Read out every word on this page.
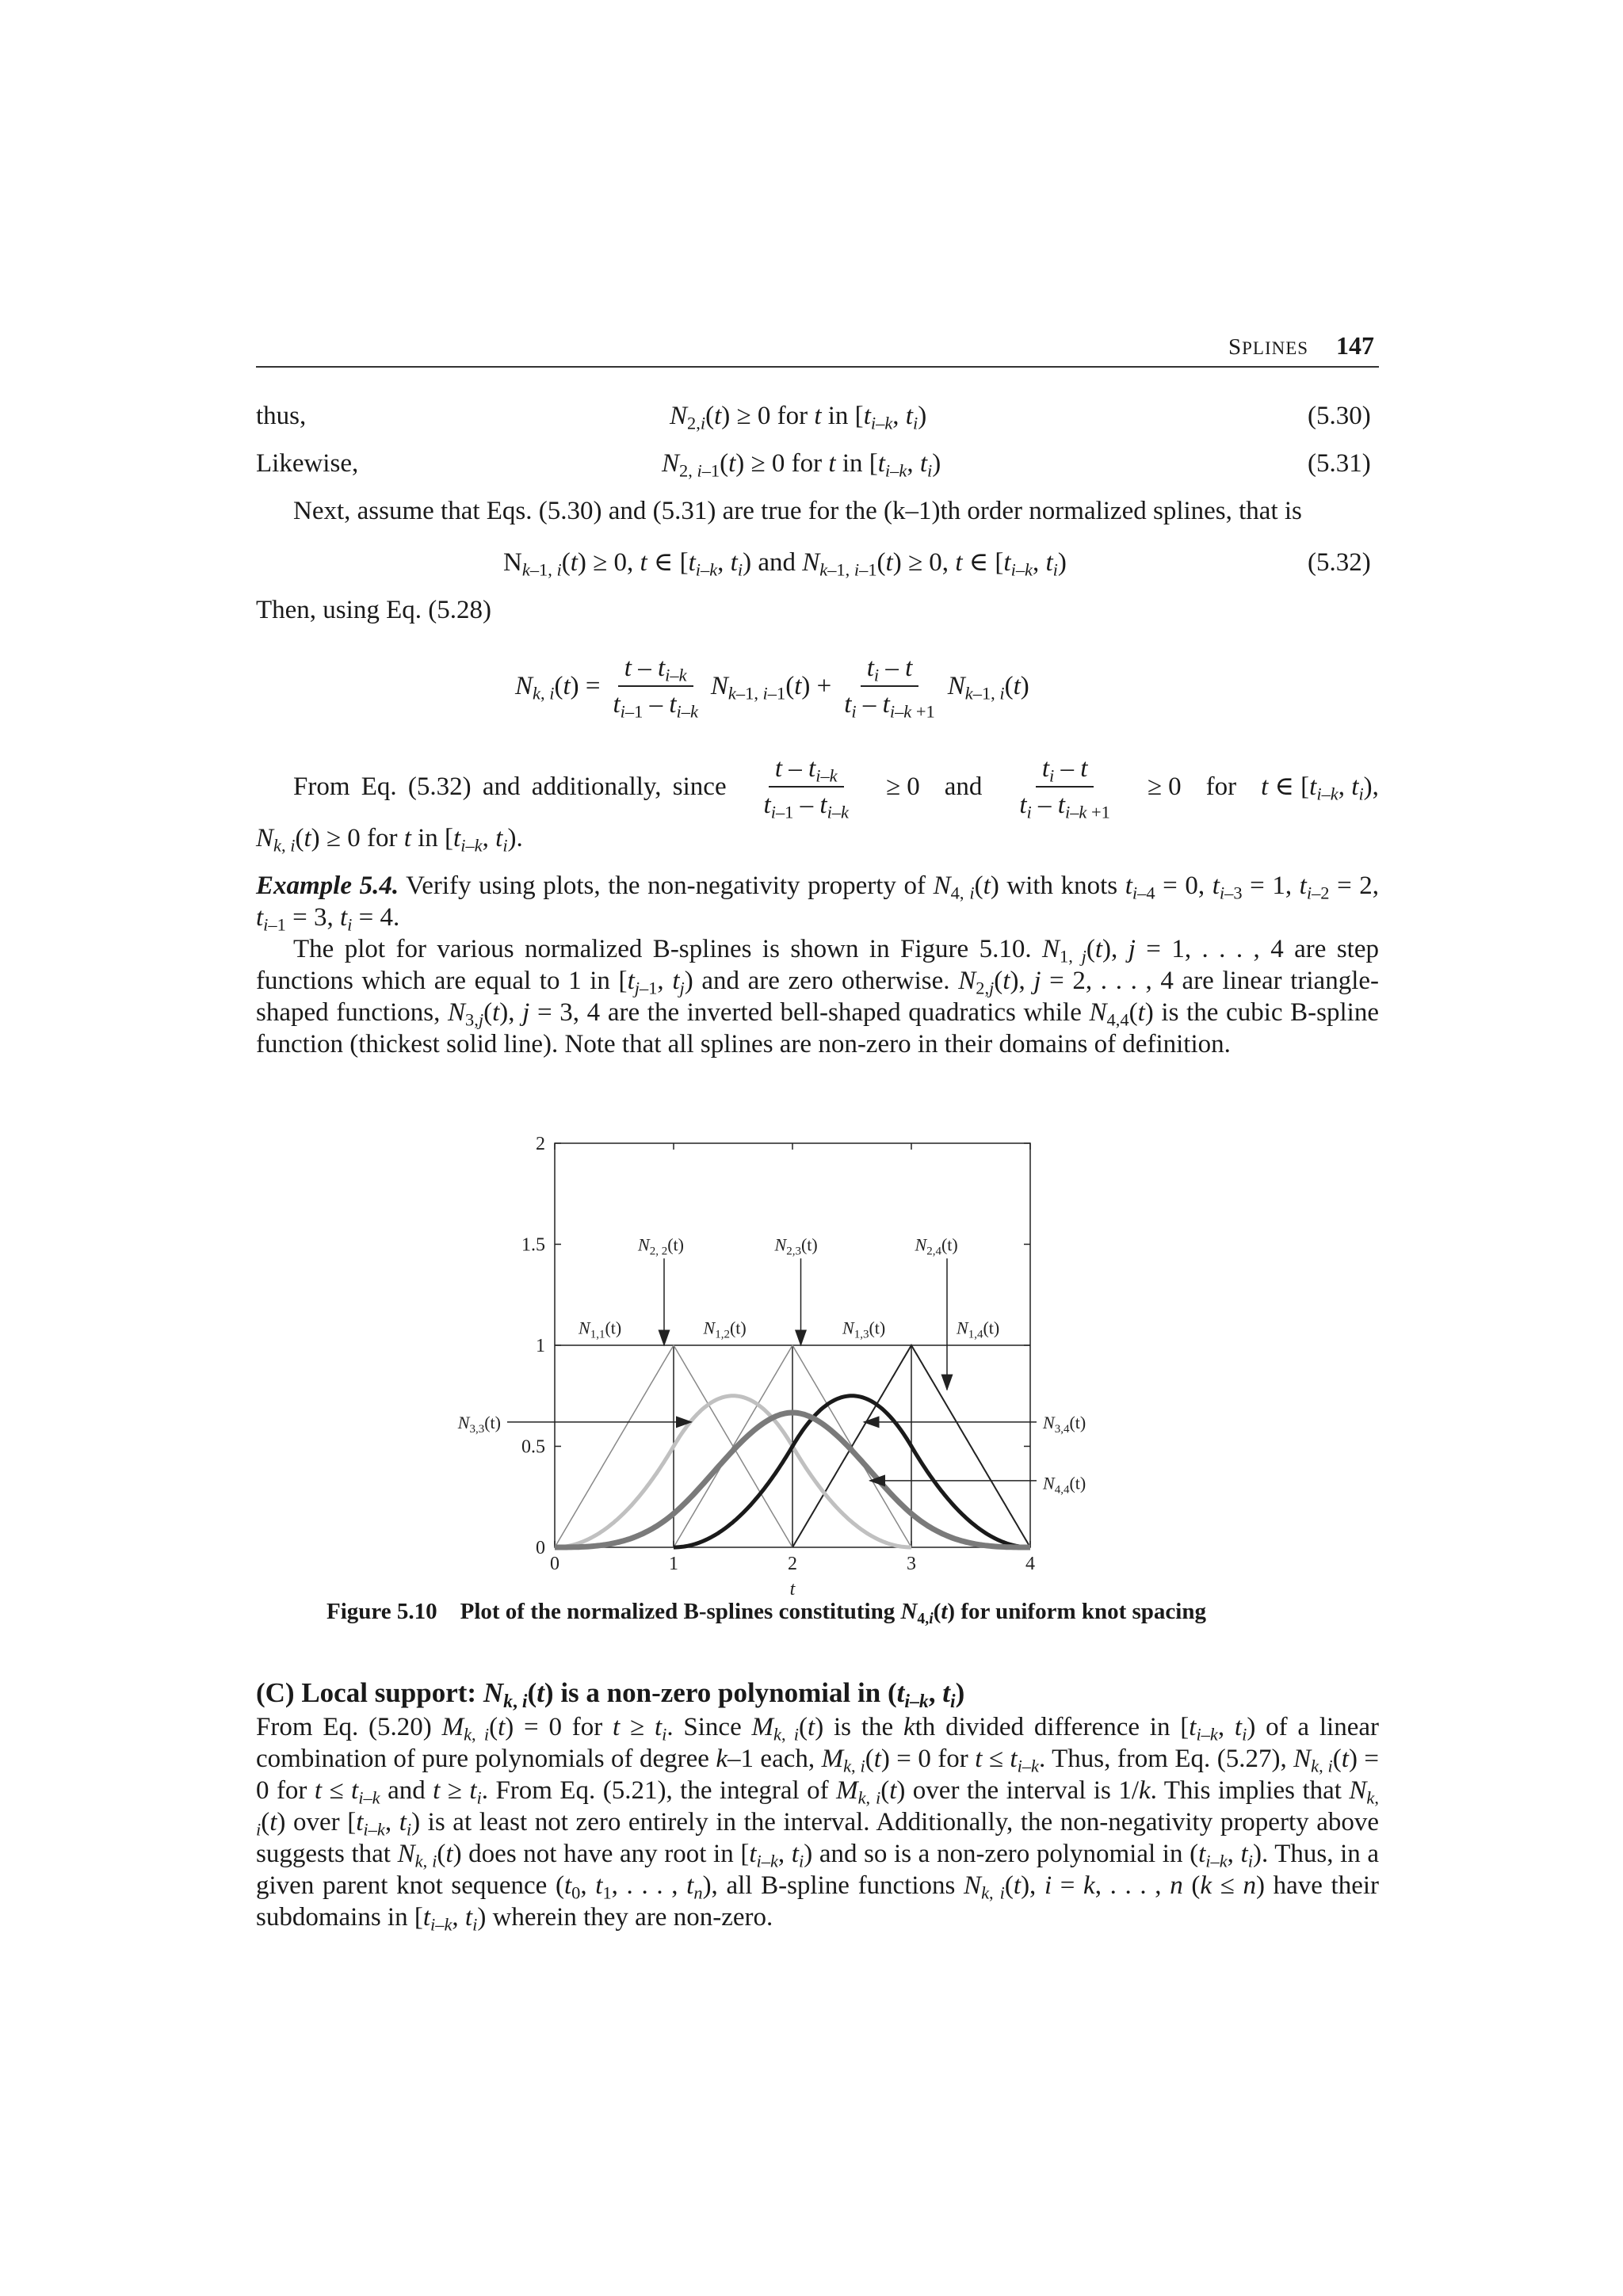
SPLINES 147
thus,	$N_{2,i}(t) \ge 0$ for t in [$t_{i-k}$, $t_i$)	(5.30)
Likewise,	$N_{2, i-1}(t) \ge 0$ for t in [$t_{i-k}$, $t_i$)	(5.31)
Next, assume that Eqs. (5.30) and (5.31) are true for the (k–1)th order normalized splines, that is
$N_{k-1, i}(t) \ge 0$, t ∈ [$t_{i-k}$, $t_i$) and $N_{k-1, i-1}(t) \ge 0$, t ∈ [$t_{i-k}$, $t_i$)	(5.32)
Then, using Eq. (5.28)
$N_{k, i}(t) = \frac{t - t_{i-k}}{t_{i-1} - t_{i-k}} N_{k-1, i-1}(t) + \frac{t_i - t}{t_i - t_{i-k +1}} N_{k-1, i}(t)$
From Eq. (5.32) and additionally, since $\frac{t - t_{i-k}}{t_{i-1} - t_{i-k}} \ge 0$ and $\frac{t_i - t}{t_i - t_{i-k +1}} \ge 0$ for t ∈ [$t_{i-k}$, $t_i$),
$N_{k, i}(t) \ge 0$ for t in [$t_{i-k}$, $t_i$).
Example 5.4. Verify using plots, the non-negativity property of $N_{4, i}(t)$ with knots $t_{i-4} = 0$, $t_{i-3} = 1$, $t_{i-2} = 2$, $t_{i-1} = 3$, $t_i = 4$.
The plot for various normalized B-splines is shown in Figure 5.10. $N_{1, j}(t)$, j = 1, . . . , 4 are step functions which are equal to 1 in [$t_{j-1}$, $t_j$) and are zero otherwise. $N_{2,j}(t)$, j = 2, . . . , 4 are linear triangle-shaped functions, $N_{3,j}(t)$, j = 3, 4 are the inverted bell-shaped quadratics while $N_{4,4}(t)$ is the cubic B-spline function (thickest solid line). Note that all splines are non-zero in their domains of definition.
0	1	2	3	4
0
0.5
1
1.5
2
t
$N_{2, 2}(t)$	$N_{2,3}(t)$	$N_{2,4}(t)$
$N_{1,1}(t)$	$N_{1,2}(t)$	$N_{1,3}(t)$	$N_{1,4}(t)$
$N_{3,3}(t)$	$N_{3,4}(t)$
$N_{4,4}(t)$
Figure 5.10 Plot of the normalized B-splines constituting $N_{4,i}(t)$ for uniform knot spacing
(C) Local support: $N_{k, i}(t)$ is a non-zero polynomial in ($t_{i-k}$, $t_i$)
From Eq. (5.20) $M_{k, i}(t) = 0$ for $t \ge t_i$. Since $M_{k, i}(t)$ is the kth divided difference in [$t_{i-k}$, $t_i$) of a linear combination of pure polynomials of degree k–1 each, $M_{k, i}(t) = 0$ for $t \le t_{i-k}$. Thus, from Eq. (5.27), $N_{k, i}(t) = 0$ for $t \le t_{i-k}$ and $t \ge t_i$. From Eq. (5.21), the integral of $M_{k, i}(t)$ over the interval is 1/k. This implies that $N_{k, i}(t)$ over [$t_{i-k}$, $t_i$) is at least not zero entirely in the interval. Additionally, the non-negativity property above suggests that $N_{k, i}(t)$ does not have any root in [$t_{i-k}$, $t_i$) and so is a non-zero polynomial in ($t_{i-k}$, $t_i$). Thus, in a given parent knot sequence ($t_0$, $t_1$, . . . , $t_n$), all B-spline functions $N_{k, i}(t)$, i = k, . . . , n (k ≤ n) have their subdomains in [$t_{i-k}$, $t_i$) wherein they are non-zero.
